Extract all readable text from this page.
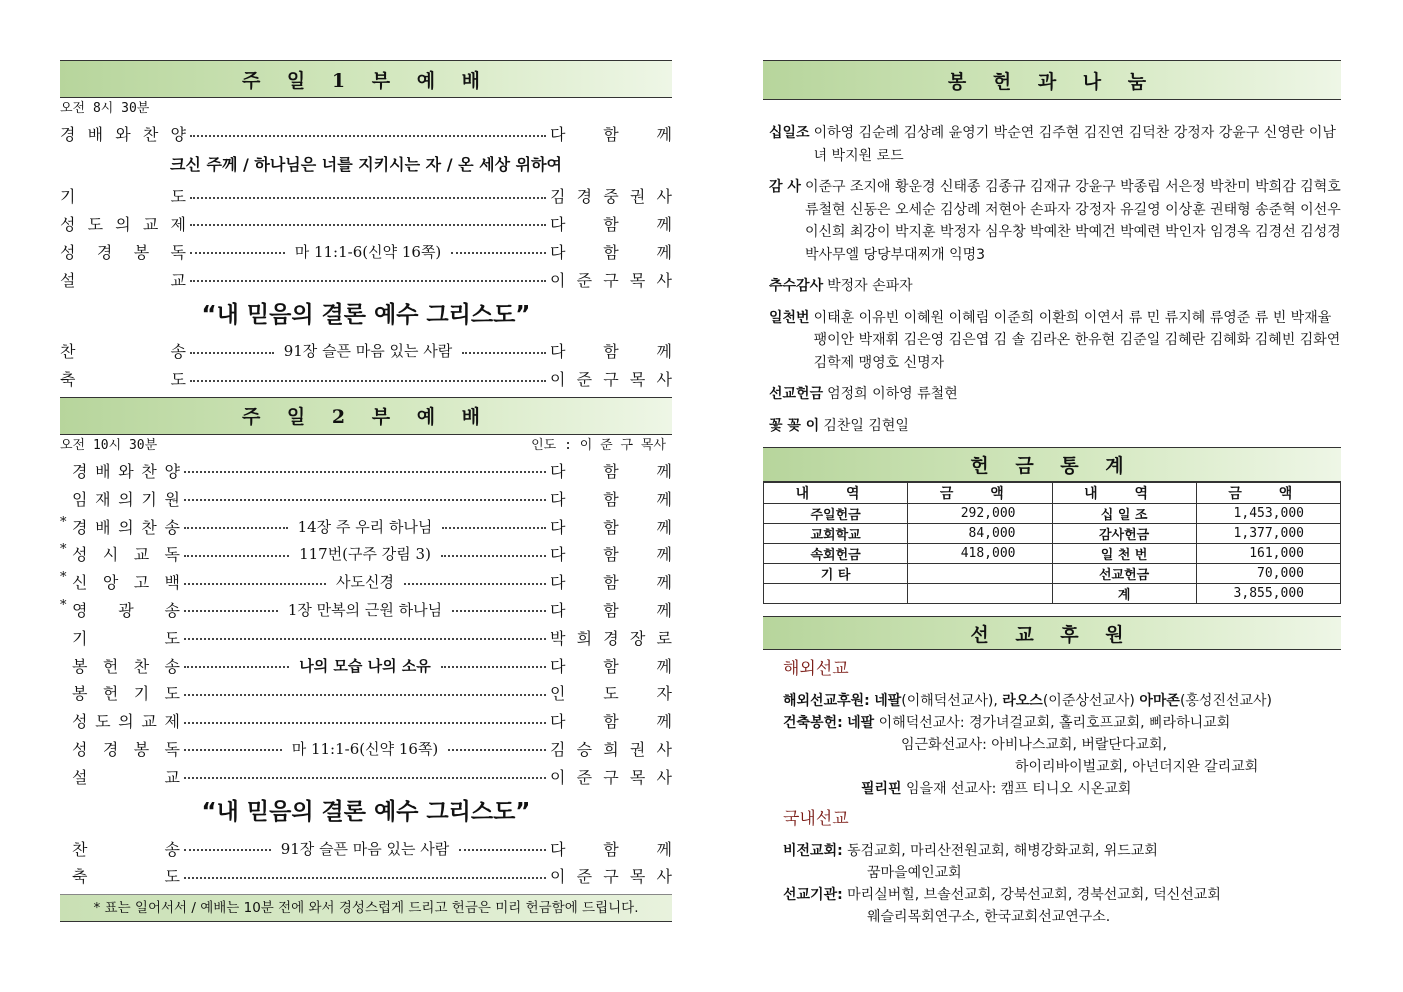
주 일 1 부 예 배
오전 8시 30분
경 배 와 찬 양	다 함 께
크신 주께 / 하나님은 너를 지키시는 자 / 온 세상 위하여
기	도	김 경 중 권 사
성 도 의 교 제	다 함 께
성 경 봉 독	마 11:1-6(신약 16쪽)	다 함 께
설	교	이 준 구 목 사
“내 믿음의 결론 예수 그리스도”
찬	송	91장 슬픈 마음 있는 사람	다 함 께
축	도	이 준 구 목 사
주 일 2 부 예 배
오전 10시 30분	인도 : 이 준 구 목사
경 배 와 찬 양	다 함 께
임 재 의 기 원	다 함 께
* 경 배 의 찬 송	14장 주 우리 하나님	다 함 께
* 성 시 교 독	117번(구주 강림 3)	다 함 께
* 신 앙 고 백	사도신경	다 함 께
* 영 광 송	1장 만복의 근원 하나님	다 함 께
기	도	박 희 경 장 로
봉 헌 찬 송	나의 모습 나의 소유	다 함 께
봉 헌 기 도	인 도 자
성 도 의 교 제	다 함 께
성 경 봉 독	마 11:1-6(신약 16쪽)	김 승 희 권 사
설	교	이 준 구 목 사
“내 믿음의 결론 예수 그리스도”
찬	송	91장 슬픈 마음 있는 사람	다 함 께
축	도	이 준 구 목 사
* 표는 일어서서 / 예배는 10분 전에 와서 경성스럽게 드리고 헌금은 미리 헌금함에 드립니다.
봉 헌 과 나 눔
십일조 이하영 김순례 김상례 윤영기 박순연 김주현 김진연 김덕찬 강정자 강윤구 신영란 이남녀 박지원 로드
감 사 이준구 조지애 황운경 신태종 김종규 김재규 강윤구 박종립 서은정 박찬미 박희감 김혁호 류철현 신동은 오세순 김상례 저현아 손파자 강정자 유길영 이상훈 권태형 송준혁 이선우 이신희 최강이 박지훈 박정자 심우창 박예찬 박예건 박예련 박인자 임경옥 김경선 김성경 박사무엘 당당부대찌개 익명3
추수감사 박정자 손파자
일천번 이태훈 이유빈 이혜원 이혜림 이준희 이환희 이연서 류 민 류지혜 류영준 류 빈 박재율 팽이안 박재휘 김은영 김은엽 김 솔 김라온 한유현 김준일 김혜란 김혜화 김혜빈 김화연 김학제 맹영호 신명자
선교헌금 엄정희 이하영 류철현
꽃 꽂 이 김찬일 김현일
헌 금 통 계
내 역	금 액	내 역	금 액
주일헌금	292,000	십 일 조	1,453,000
교회학교	84,000	감사헌금	1,377,000
속회헌금	418,000	일 천 번	161,000
기 타		선교헌금	70,000
		계	3,855,000
선 교 후 원
해외선교
해외선교후원:
네팔 (이해덕선교사),
라오스 (이준상선교사)
아마존 (홍성진선교사)
건축봉헌:
네팔
이해덕선교사: 경가녀걸교회, 홀리호프교회, 삐라하니교회
임근화선교사: 아비나스교회, 버랄단다교회,
하이리바이벌교회, 아넌더지완 갈리교회
필리핀
임을재 선교사: 캠프 티니오 시온교회
국내선교
비전교회:
동검교회, 마리산전원교회, 해병강화교회, 위드교회
꿈마을예인교회
선교기관:
마리실버힐, 브솔선교회, 강북선교회, 경북선교회, 덕신선교회
웨슬리목회연구소, 한국교회선교연구소.
